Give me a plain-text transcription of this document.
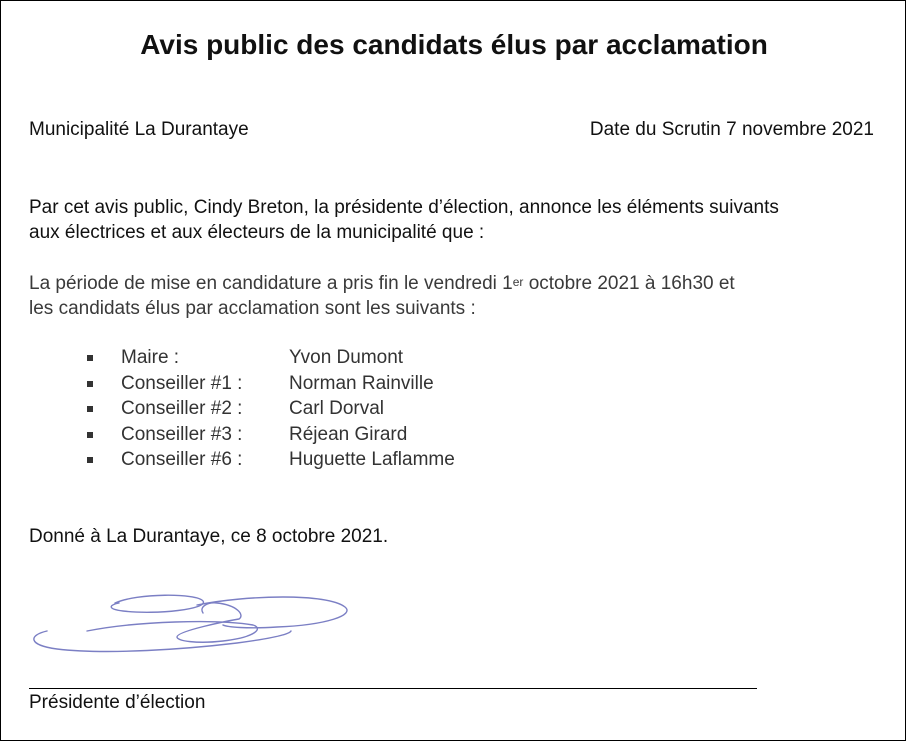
Avis public des candidats élus par acclamation
Municipalité La Durantaye	Date du Scrutin 7 novembre 2021
Par cet avis public, Cindy Breton, la présidente d’élection, annonce les éléments suivants
aux électrices et aux électeurs de la municipalité que :
La période de mise en candidature a pris fin le vendredi 1er octobre 2021 à 16h30 et
les candidats élus par acclamation sont les suivants :
Maire :	Yvon Dumont
Conseiller #1 : Norman Rainville
Conseiller #2 : Carl Dorval
Conseiller #3 : Réjean Girard
Conseiller #6 : Huguette Laflamme
Donné à La Durantaye, ce 8 octobre 2021.
Présidente d’élection
